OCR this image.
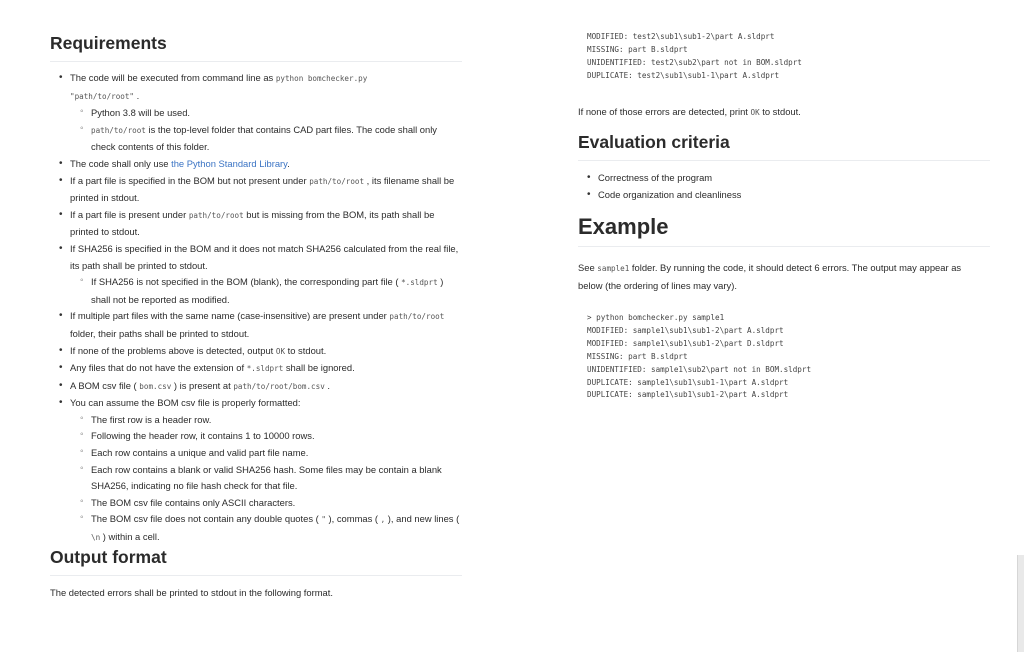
Requirements
• The code will be executed from command line as python bomchecker.py
"path/to/root" .
◦ Python 3.8 will be used.
◦ path/to/root is the top-level folder that contains CAD part files. The code shall only check contents of this folder.
• The code shall only use the Python Standard Library.
• If a part file is specified in the BOM but not present under path/to/root , its filename shall be printed in stdout.
• If a part file is present under path/to/root but is missing from the BOM, its path shall be printed to stdout.
• If SHA256 is specified in the BOM and it does not match SHA256 calculated from the real file, its path shall be printed to stdout.
◦ If SHA256 is not specified in the BOM (blank), the corresponding part file ( *.sldprt ) shall not be reported as modified.
• If multiple part files with the same name (case-insensitive) are present under path/to/root folder, their paths shall be printed to stdout.
• If none of the problems above is detected, output OK to stdout.
• Any files that do not have the extension of *.sldprt shall be ignored.
• A BOM csv file ( bom.csv ) is present at path/to/root/bom.csv .
• You can assume the BOM csv file is properly formatted:
◦ The first row is a header row.
◦ Following the header row, it contains 1 to 10000 rows.
◦ Each row contains a unique and valid part file name.
◦ Each row contains a blank or valid SHA256 hash. Some files may be contain a blank SHA256, indicating no file hash check for that file.
◦ The BOM csv file contains only ASCII characters.
◦ The BOM csv file does not contain any double quotes ( " ), commas ( , ), and new lines ( \n ) within a cell.
Output format

The detected errors shall be printed to stdout in the following format.

MODIFIED: test2\sub1\sub1-2\part A.sldprt
MISSING: part B.sldprt
UNIDENTIFIED: test2\sub2\part not in BOM.sldprt
DUPLICATE: test2\sub1\sub1-1\part A.sldprt

If none of those errors are detected, print OK to stdout.

Evaluation criteria
• Correctness of the program
• Code organization and cleanliness
Example

See sample1 folder. By running the code, it should detect 6 errors. The output may appear as below (the ordering of lines may vary).

> python bomchecker.py sample1
MODIFIED: sample1\sub1\sub1-2\part A.sldprt
MODIFIED: sample1\sub1\sub1-2\part D.sldprt
MISSING: part B.sldprt
UNIDENTIFIED: sample1\sub2\part not in BOM.sldprt
DUPLICATE: sample1\sub1\sub1-1\part A.sldprt
DUPLICATE: sample1\sub1\sub1-2\part A.sldprt
